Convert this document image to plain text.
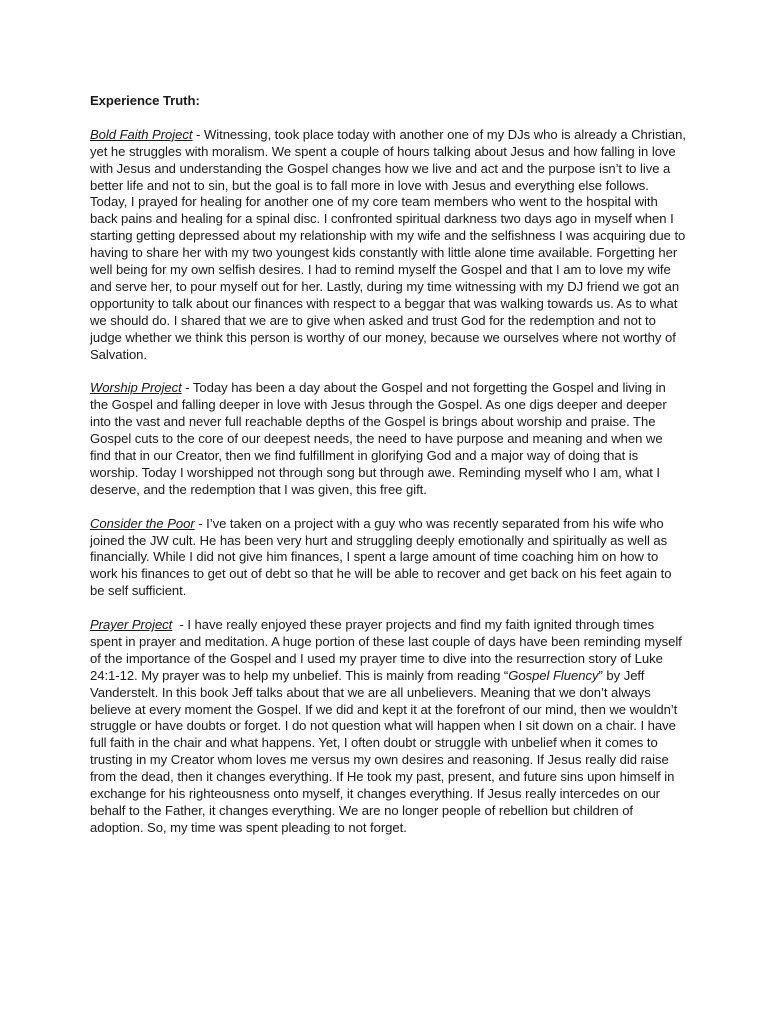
Experience Truth:

Bold Faith Project - Witnessing, took place today with another one of my DJs who is already a Christian, yet he struggles with moralism. We spent a couple of hours talking about Jesus and how falling in love with Jesus and understanding the Gospel changes how we live and act and the purpose isn’t to live a better life and not to sin, but the goal is to fall more in love with Jesus and everything else follows. Today, I prayed for healing for another one of my core team members who went to the hospital with back pains and healing for a spinal disc. I confronted spiritual darkness two days ago in myself when I starting getting depressed about my relationship with my wife and the selfishness I was acquiring due to having to share her with my two youngest kids constantly with little alone time available. Forgetting her well being for my own selfish desires. I had to remind myself the Gospel and that I am to love my wife and serve her, to pour myself out for her. Lastly, during my time witnessing with my DJ friend we got an opportunity to talk about our finances with respect to a beggar that was walking towards us. As to what we should do. I shared that we are to give when asked and trust God for the redemption and not to judge whether we think this person is worthy of our money, because we ourselves where not worthy of Salvation.

Worship Project - Today has been a day about the Gospel and not forgetting the Gospel and living in the Gospel and falling deeper in love with Jesus through the Gospel. As one digs deeper and deeper into the vast and never full reachable depths of the Gospel is brings about worship and praise. The Gospel cuts to the core of our deepest needs, the need to have purpose and meaning and when we find that in our Creator, then we find fulfillment in glorifying God and a major way of doing that is worship. Today I worshipped not through song but through awe. Reminding myself who I am, what I deserve, and the redemption that I was given, this free gift.

Consider the Poor - I’ve taken on a project with a guy who was recently separated from his wife who joined the JW cult. He has been very hurt and struggling deeply emotionally and spiritually as well as financially. While I did not give him finances, I spent a large amount of time coaching him on how to work his finances to get out of debt so that he will be able to recover and get back on his feet again to be self sufficient.

Prayer Project  - I have really enjoyed these prayer projects and find my faith ignited through times spent in prayer and meditation. A huge portion of these last couple of days have been reminding myself of the importance of the Gospel and I used my prayer time to dive into the resurrection story of Luke 24:1-12. My prayer was to help my unbelief. This is mainly from reading “Gospel Fluency” by Jeff Vanderstelt. In this book Jeff talks about that we are all unbelievers. Meaning that we don’t always believe at every moment the Gospel. If we did and kept it at the forefront of our mind, then we wouldn’t struggle or have doubts or forget. I do not question what will happen when I sit down on a chair. I have full faith in the chair and what happens. Yet, I often doubt or struggle with unbelief when it comes to trusting in my Creator whom loves me versus my own desires and reasoning. If Jesus really did raise from the dead, then it changes everything. If He took my past, present, and future sins upon himself in exchange for his righteousness onto myself, it changes everything. If Jesus really intercedes on our behalf to the Father, it changes everything. We are no longer people of rebellion but children of adoption. So, my time was spent pleading to not forget.
